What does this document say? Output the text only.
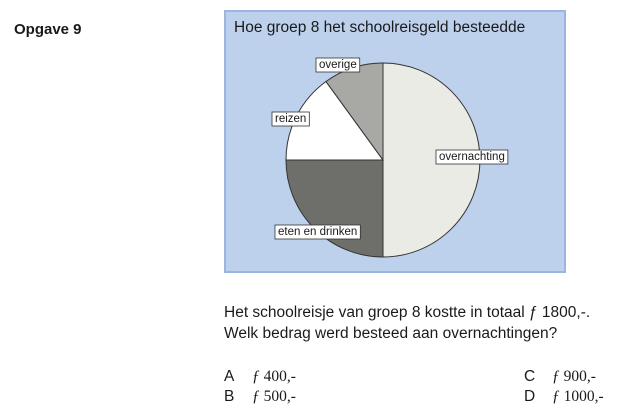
Opgave 9	Hoe groep 8 het schoolreisgeld besteedde
overnachting
eten en drinken
reizen
overige
Het schoolreisje van groep 8 kostte in totaal ƒ 1800,-.
Welk bedrag werd besteed aan overnachtingen?
A ƒ 400,-
B ƒ 500,-
C ƒ 900,-
D ƒ 1000,-
